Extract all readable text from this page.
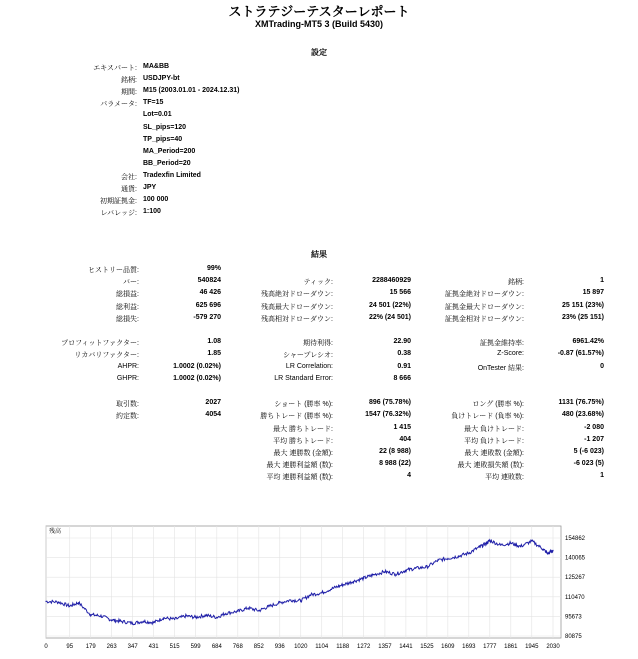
ストラテジーテスターレポート
XMTrading-MT5 3 (Build 5430)
設定
エキスパート: MA&BB
銘柄: USDJPY-bt
期間: M15 (2003.01.01 - 2024.12.31)
パラメータ: TF=15
Lot=0.01
SL_pips=120
TP_pips=40
MA_Period=200
BB_Period=20
会社: Tradexfin Limited
通貨: JPY
初期証拠金: 100 000
レバレッジ: 1:100
結果
ヒストリー品質:	99%
バー:	540824	ティック:	2288460929	銘柄:	1
総損益:	46 426	残高絶対ドローダウン:	15 566	証拠金絶対ドローダウン:	15 897
総利益:	625 696	残高最大ドローダウン:	24 501 (22%)	証拠金最大ドローダウン:	25 151 (23%)
総損失:	-579 270	残高相対ドローダウン:	22% (24 501)	証拠金相対ドローダウン:	23% (25 151)
プロフィットファクター:	1.08	期待利得:	22.90	証拠金維持率:	6961.42%
リカバリファクター:	1.85	シャープレシオ:	0.38	Z-Score:	-0.87 (61.57%)
AHPR:	1.0002 (0.02%)	LR Correlation:	0.91	OnTester 結果:	0
GHPR:	1.0002 (0.02%)	LR Standard Error:	8 666
取引数:	2027	ショート (勝率 %):	896 (75.78%)	ロング (勝率 %):	1131 (76.75%)
約定数:	4054	勝ちトレード (勝率 %):	1547 (76.32%)	負けトレード (負率 %):	480 (23.68%)
最大 勝ちトレード:	1 415	最大 負けトレード:	-2 080
平均 勝ちトレード:	404	平均 負けトレード:	-1 207
最大 連勝数 (金額):	22 (8 988)	最大 連敗数 (金額):	5 (-6 023)
最大 連勝利益額 (数):	8 988 (22)	最大 連敗損失額 (数):	-6 023 (5)
平均 連勝利益額 (数):	4	平均 連敗数:	1
0	95 179 263 347 431 515 599 684 768 852 936 1020 1104 1188 1272 1357 1441 1525 1609 1693 1777 1861 1945 2030
154862
140065
125267
110470
95673
80875
残高
